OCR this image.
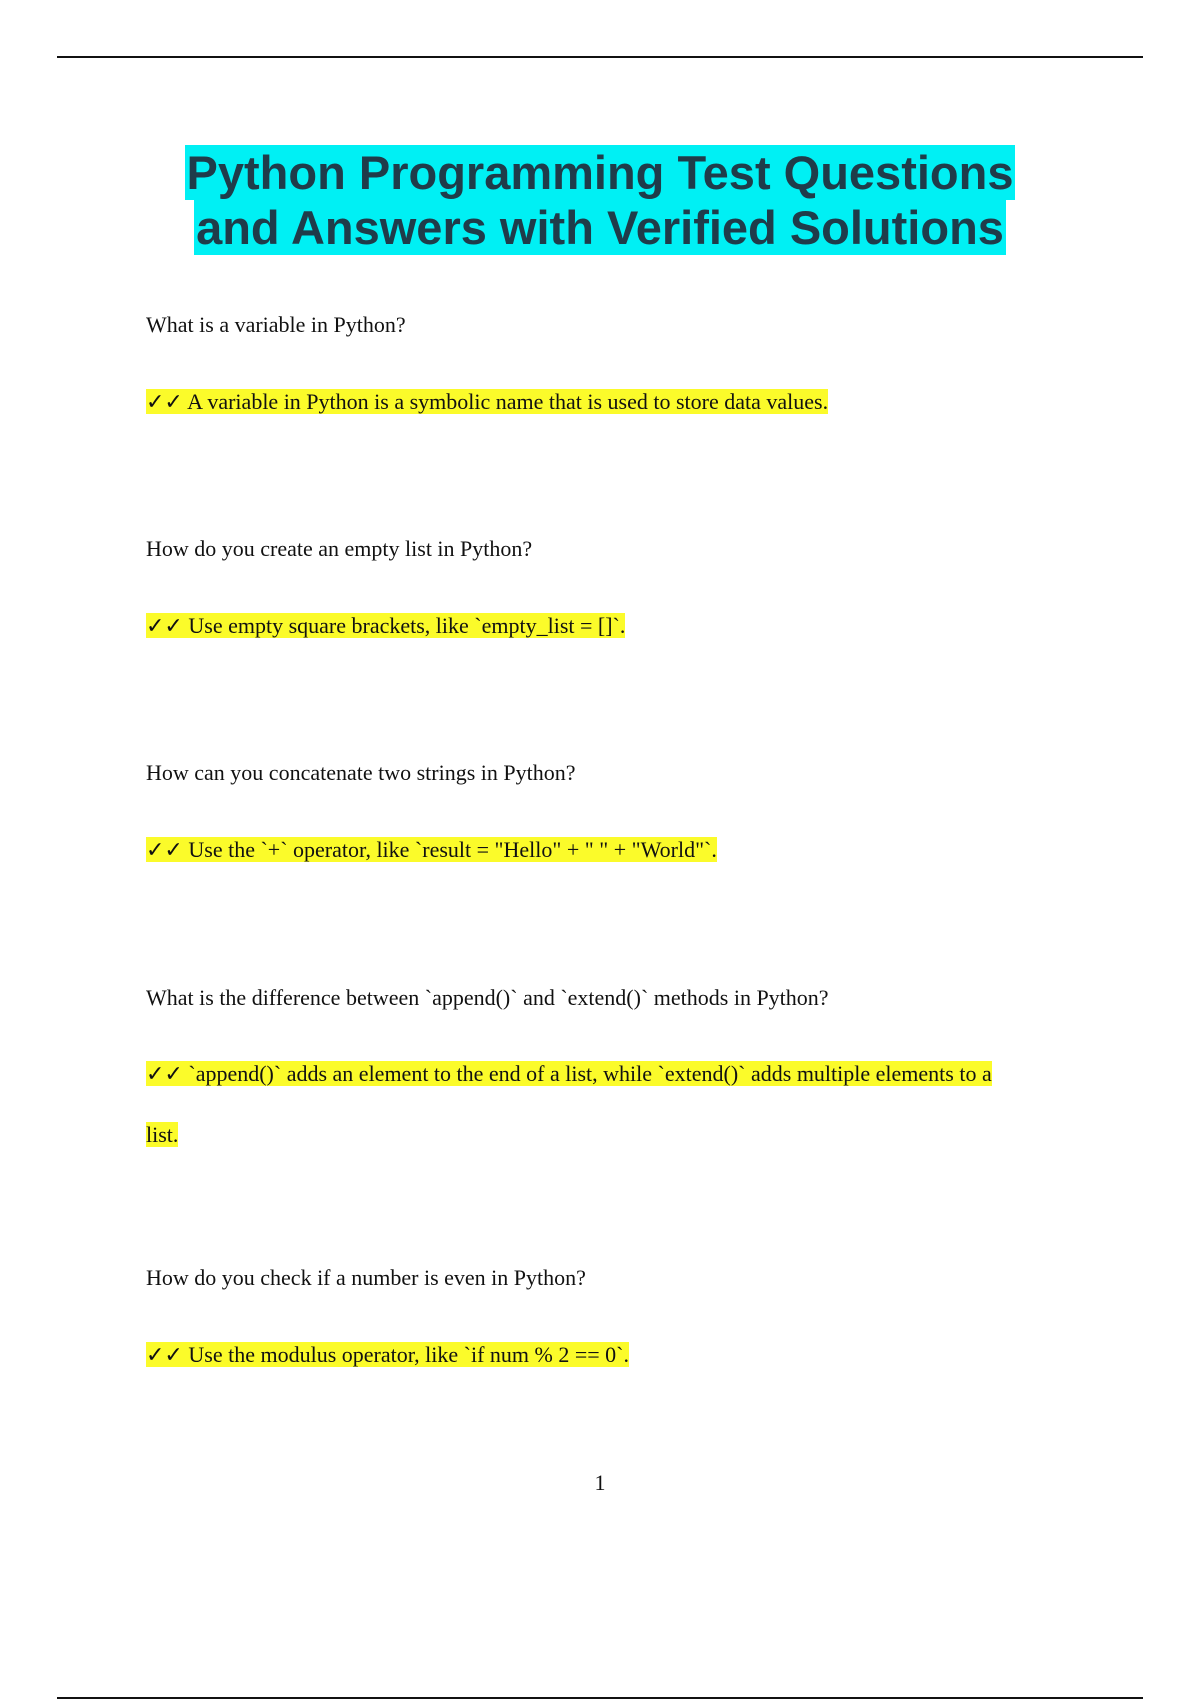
Python Programming Test Questions
and Answers with Verified Solutions
What is a variable in Python?
✓✓ A variable in Python is a symbolic name that is used to store data values.
How do you create an empty list in Python?
✓✓ Use empty square brackets, like `empty_list = []`.
How can you concatenate two strings in Python?
✓✓ Use the `+` operator, like `result = "Hello" + " " + "World"`.
What is the difference between `append()` and `extend()` methods in Python?
✓✓ `append()` adds an element to the end of a list, while `extend()` adds multiple elements to a
list.
How do you check if a number is even in Python?
✓✓ Use the modulus operator, like `if num % 2 == 0`.
1
